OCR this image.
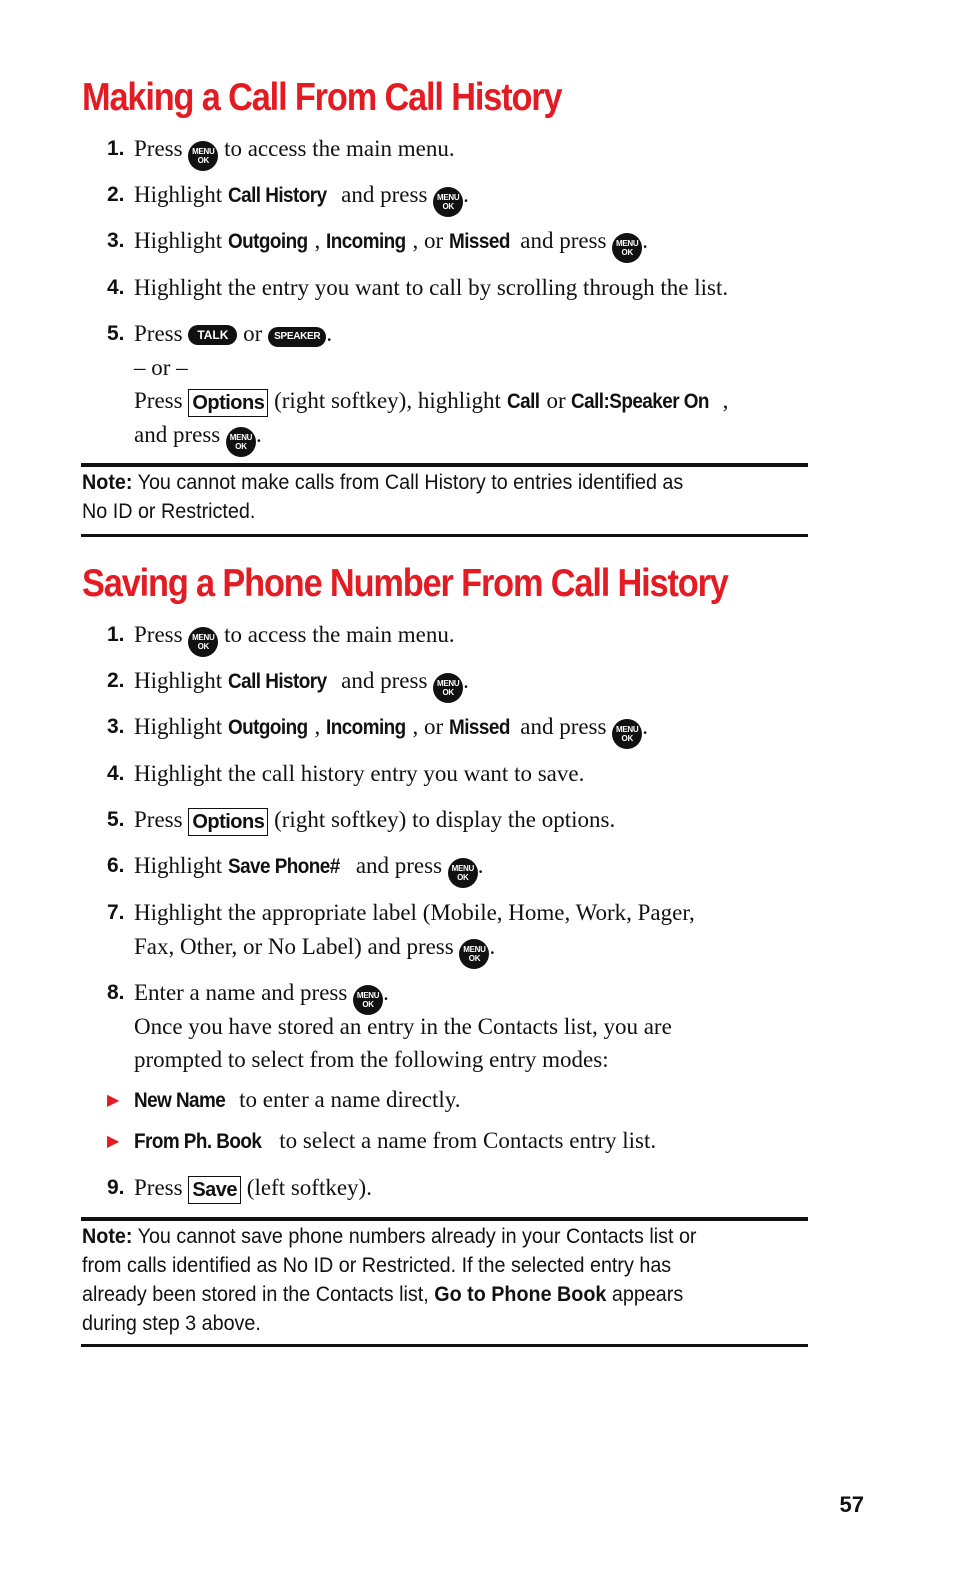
Making a Call From Call History
1. Press MENU
OK to access the main menu.
2. Highlight Call History and press MENU
OK .
3. Highlight Outgoing , Incoming , or Missed and press MENU
OK .
4. Highlight the entry you want to call by scrolling through the list.
5. Press TALK or SPEAKER .
– or –
Press Options (right softkey), highlight Call or Call:Speaker On ,
and press MENU
OK .
Note: You cannot make calls from Call History to entries identified as
No ID or Restricted.
Saving a Phone Number From Call History
1. Press MENU
OK to access the main menu.
2. Highlight Call History and press MENU
OK .
3. Highlight Outgoing , Incoming , or Missed and press MENU
OK .
4. Highlight the call history entry you want to save.
5. Press Options (right softkey) to display the options.
6. Highlight Save Phone# and press MENU
OK .
7. Highlight the appropriate label (Mobile, Home, Work, Pager,
Fax, Other, or No Label) and press MENU
OK .
8. Enter a name and press MENU
OK .
Once you have stored an entry in the Contacts list, you are
prompted to select from the following entry modes:
▶ New Name to enter a name directly.
▶ From Ph. Book to select a name from Contacts entry list.
9. Press Save (left softkey).
Note: You cannot save phone numbers already in your Contacts list or
from calls identified as No ID or Restricted. If the selected entry has
already been stored in the Contacts list, Go to Phone Book appears
during step 3 above.
57
